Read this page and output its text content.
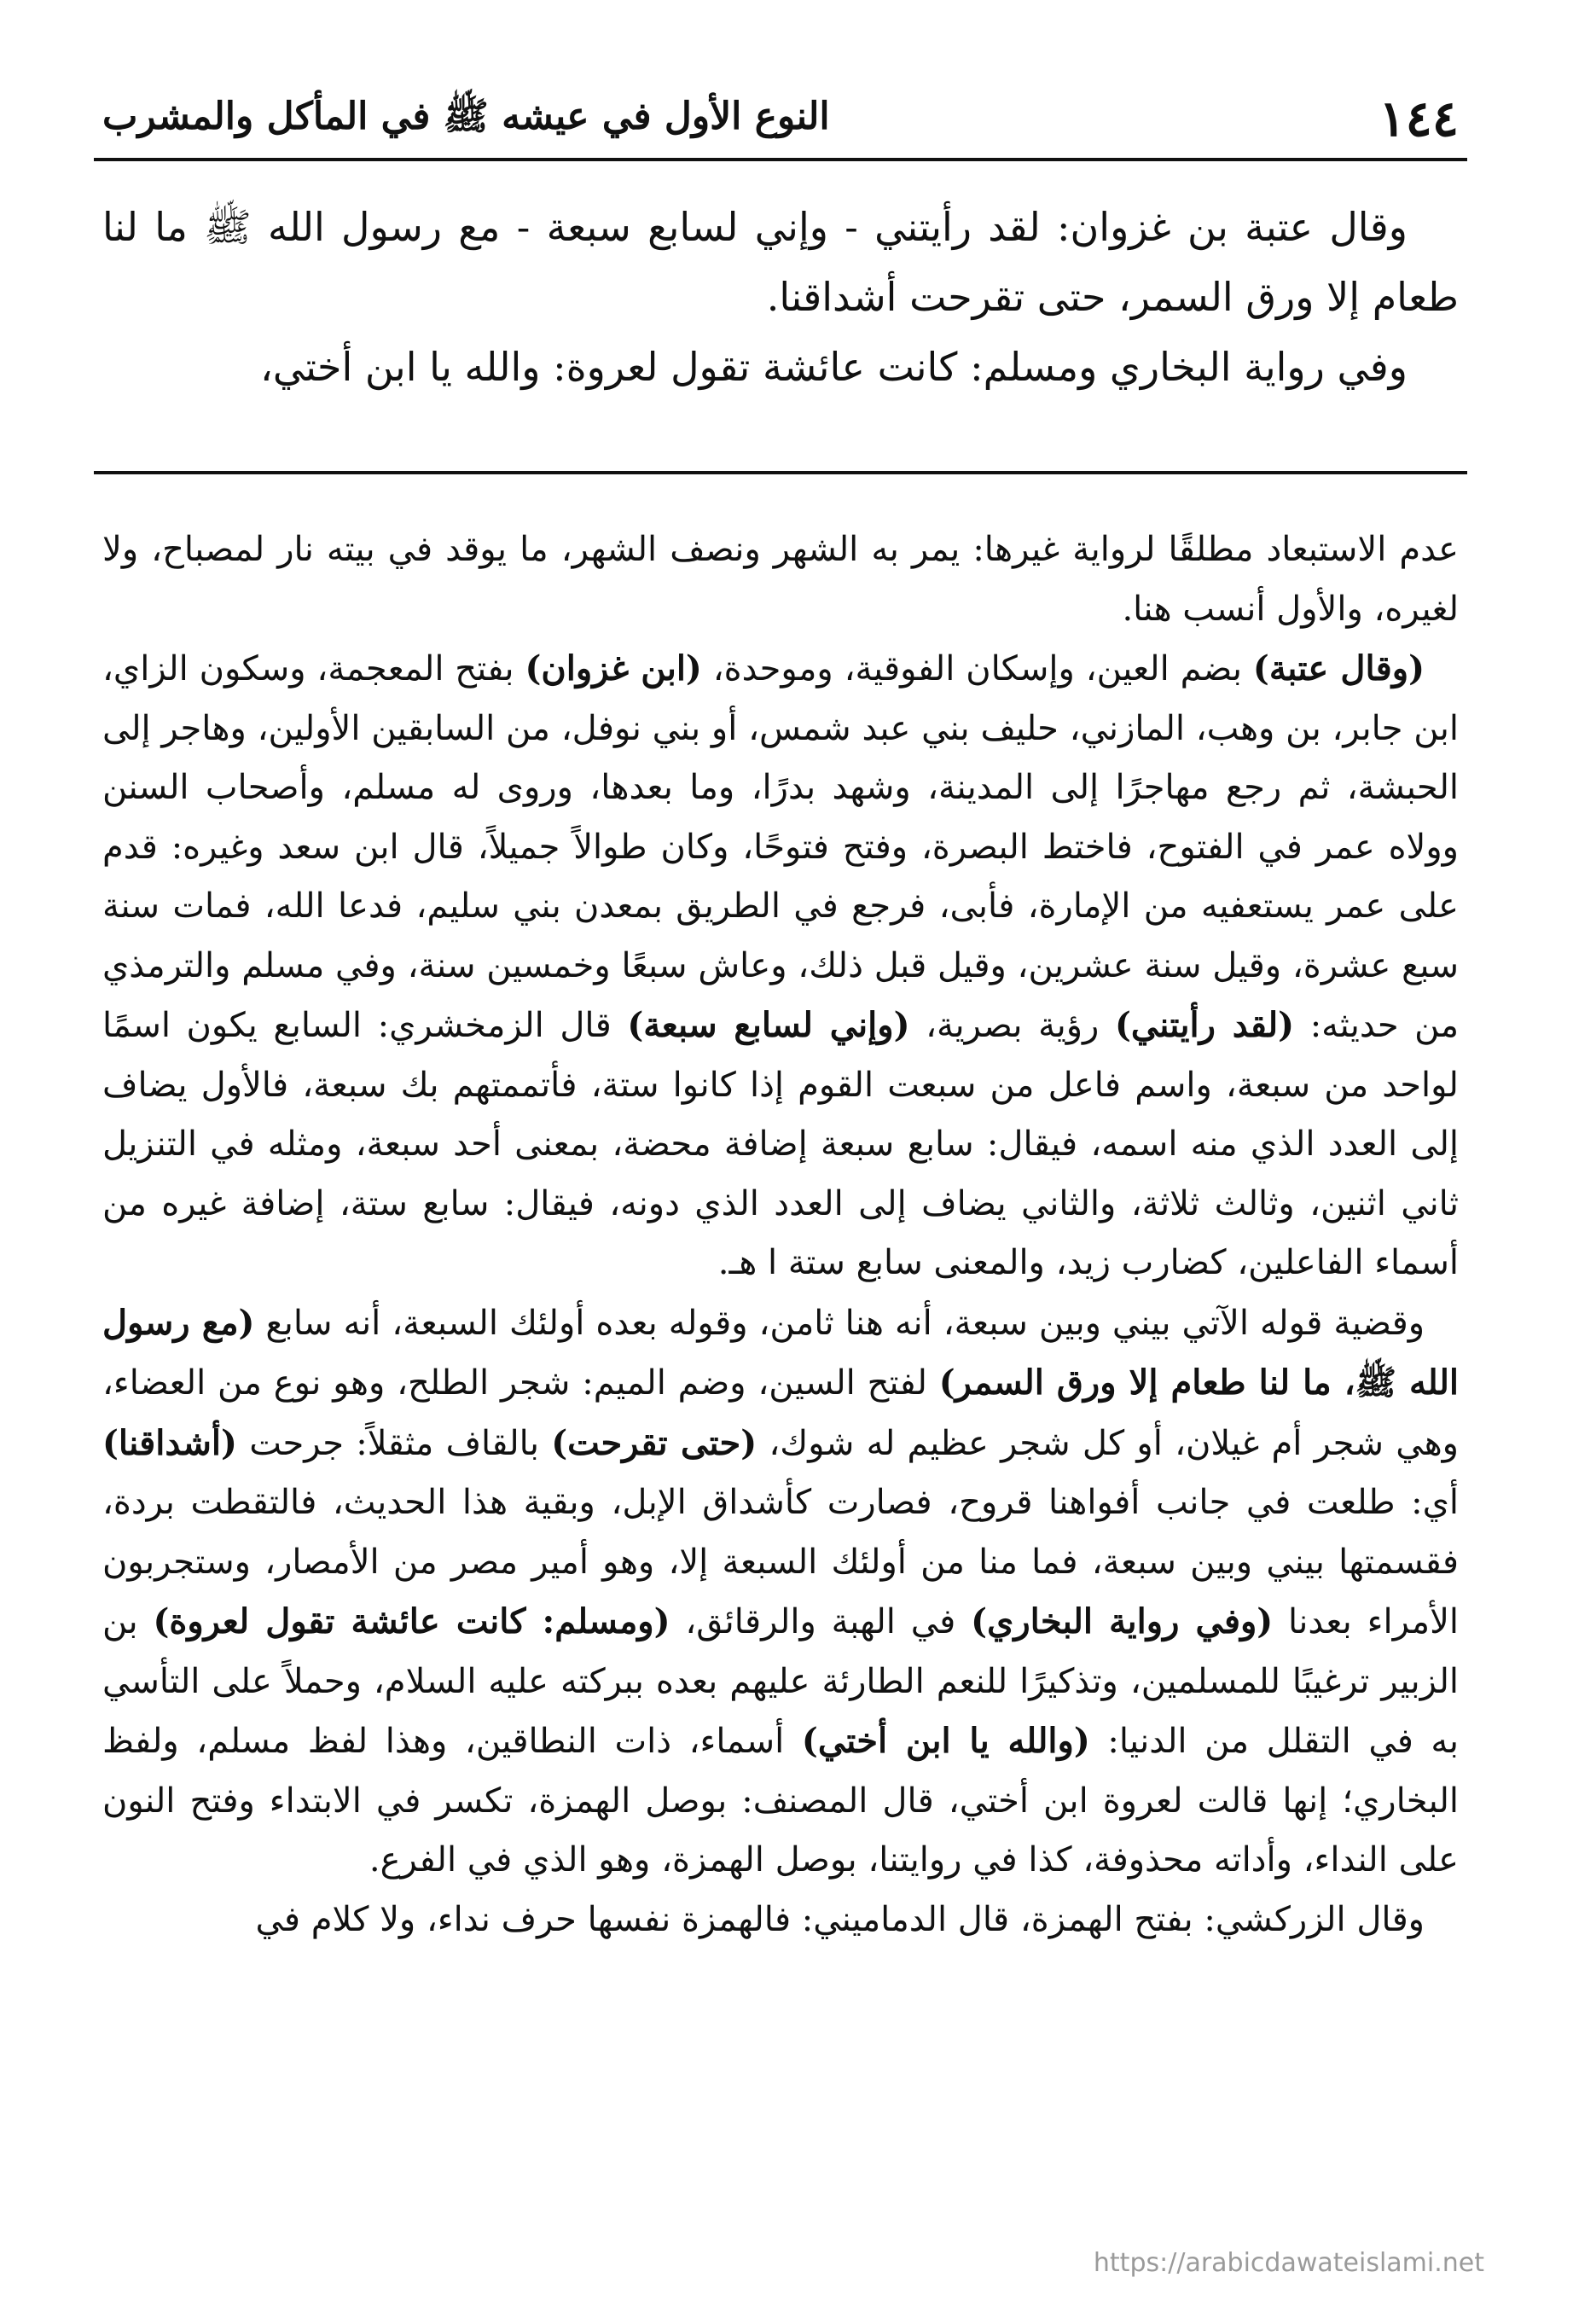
١٤٤
النوع الأول في عيشه ﷺ في المأكل والمشرب

وقال عتبة بن غزوان: لقد رأيتني - وإني لسابع سبعة - مع رسول الله ﷺ ما لنا طعام إلا ورق السمر، حتى تقرحت أشداقنا.

وفي رواية البخاري ومسلم: كانت عائشة تقول لعروة: والله يا ابن أختي،

عدم الاستبعاد مطلقًا لرواية غيرها: يمر به الشهر ونصف الشهر، ما يوقد في بيته نار لمصباح، ولا لغيره، والأول أنسب هنا.

(وقال عتبة) بضم العين، وإسكان الفوقية، وموحدة، (ابن غزوان) بفتح المعجمة، وسكون الزاي، ابن جابر، بن وهب، المازني، حليف بني عبد شمس، أو بني نوفل، من السابقين الأولين، وهاجر إلى الحبشة، ثم رجع مهاجرًا إلى المدينة، وشهد بدرًا، وما بعدها، وروى له مسلم، وأصحاب السنن وولاه عمر في الفتوح، فاختط البصرة، وفتح فتوحًا، وكان طوالاً جميلاً، قال ابن سعد وغيره: قدم على عمر يستعفيه من الإمارة، فأبى، فرجع في الطريق بمعدن بني سليم، فدعا الله، فمات سنة سبع عشرة، وقيل سنة عشرين، وقيل قبل ذلك، وعاش سبعًا وخمسين سنة، وفي مسلم والترمذي من حديثه: (لقد رأيتني) رؤية بصرية، (وإني لسابع سبعة) قال الزمخشري: السابع يكون اسمًا لواحد من سبعة، واسم فاعل من سبعت القوم إذا كانوا ستة، فأتممتهم بك سبعة، فالأول يضاف إلى العدد الذي منه اسمه، فيقال: سابع سبعة إضافة محضة، بمعنى أحد سبعة، ومثله في التنزيل ثاني اثنين، وثالث ثلاثة، والثاني يضاف إلى العدد الذي دونه، فيقال: سابع ستة، إضافة غيره من أسماء الفاعلين، كضارب زيد، والمعنى سابع ستة ا هـ.

وقضية قوله الآتي بيني وبين سبعة، أنه هنا ثامن، وقوله بعده أولئك السبعة، أنه سابع (مع رسول الله ﷺ، ما لنا طعام إلا ورق السمر) لفتح السين، وضم الميم: شجر الطلح، وهو نوع من العضاء، وهي شجر أم غيلان، أو كل شجر عظيم له شوك، (حتى تقرحت) بالقاف مثقلاً: جرحت (أشداقنا) أي: طلعت في جانب أفواهنا قروح، فصارت كأشداق الإبل، وبقية هذا الحديث، فالتقطت بردة، فقسمتها بيني وبين سبعة، فما منا من أولئك السبعة إلا، وهو أمير مصر من الأمصار، وستجربون الأمراء بعدنا (وفي رواية البخاري) في الهبة والرقائق، (ومسلم: كانت عائشة تقول لعروة) بن الزبير ترغيبًا للمسلمين، وتذكيرًا للنعم الطارئة عليهم بعده ببركته عليه السلام، وحملاً على التأسي به في التقلل من الدنيا: (والله يا ابن أختي) أسماء، ذات النطاقين، وهذا لفظ مسلم، ولفظ البخاري؛ إنها قالت لعروة ابن أختي، قال المصنف: بوصل الهمزة، تكسر في الابتداء وفتح النون على النداء، وأداته محذوفة، كذا في روايتنا، بوصل الهمزة، وهو الذي في الفرع.

وقال الزركشي: بفتح الهمزة، قال الدماميني: فالهمزة نفسها حرف نداء، ولا كلام في

https://arabicdawateislami.net
